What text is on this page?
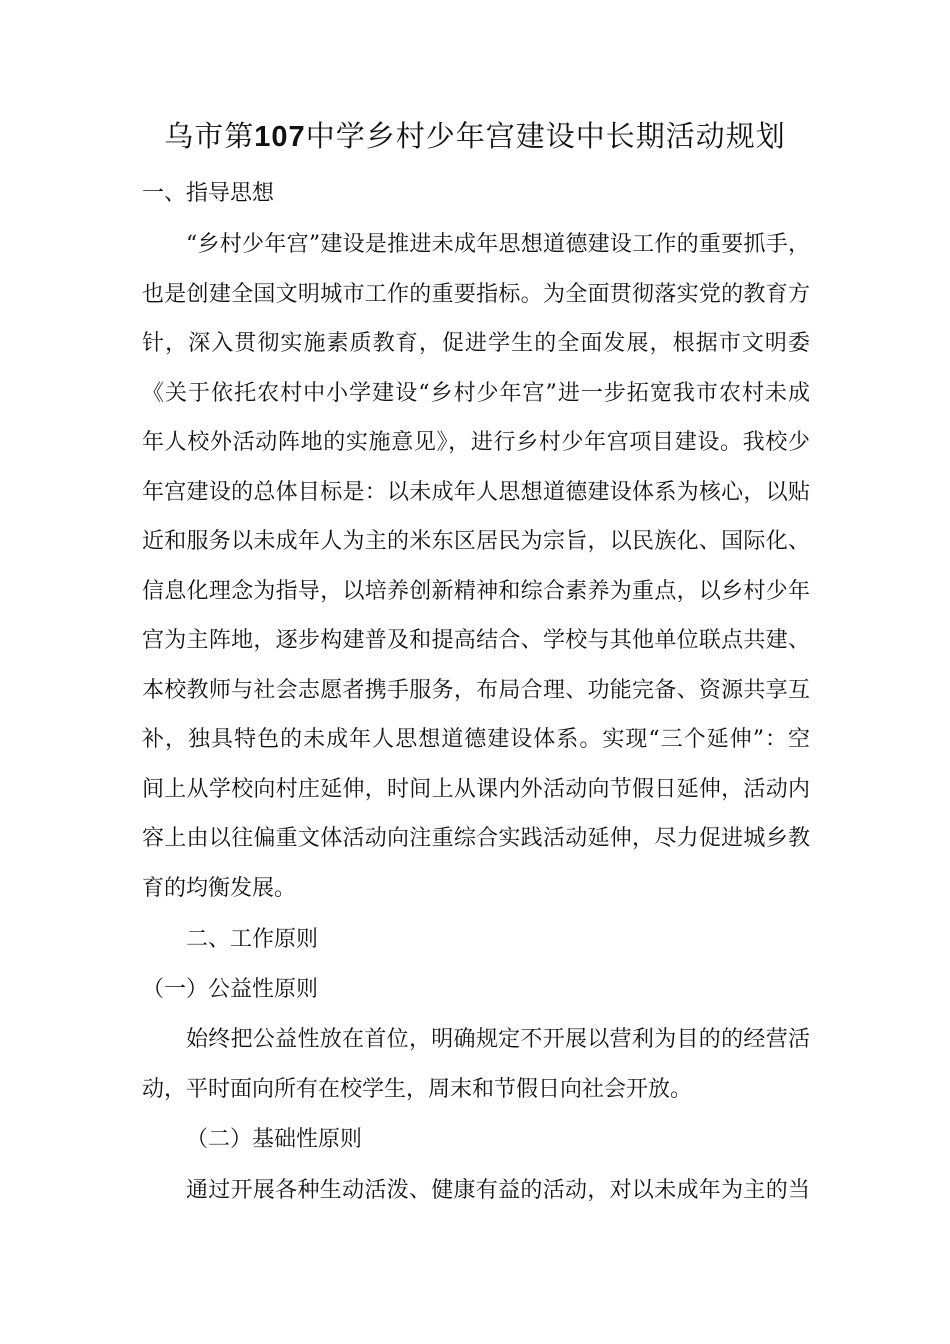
乌市第107中学乡村少年宫建设中长期活动规划
一、指导思想
“乡村少年宫”建设是推进未成年思想道德建设工作的重要抓手，
也是创建全国文明城市工作的重要指标。为全面贯彻落实党的教育方
针，深入贯彻实施素质教育，促进学生的全面发展，根据市文明委
《关于依托农村中小学建设“乡村少年宫”进一步拓宽我市农村未成
年人校外活动阵地的实施意见》，进行乡村少年宫项目建设。我校少
年宫建设的总体目标是：以未成年人思想道德建设体系为核心，以贴
近和服务以未成年人为主的米东区居民为宗旨，以民族化、国际化、
信息化理念为指导，以培养创新精神和综合素养为重点，以乡村少年
宫为主阵地，逐步构建普及和提高结合、学校与其他单位联点共建、
本校教师与社会志愿者携手服务，布局合理、功能完备、资源共享互
补，独具特色的未成年人思想道德建设体系。实现“三个延伸”：空
间上从学校向村庄延伸，时间上从课内外活动向节假日延伸，活动内
容上由以往偏重文体活动向注重综合实践活动延伸，尽力促进城乡教
育的均衡发展。
二、工作原则
（一）公益性原则
始终把公益性放在首位，明确规定不开展以营利为目的的经营活
动，平时面向所有在校学生，周末和节假日向社会开放。
（二）基础性原则
通过开展各种生动活泼、健康有益的活动，对以未成年为主的当
